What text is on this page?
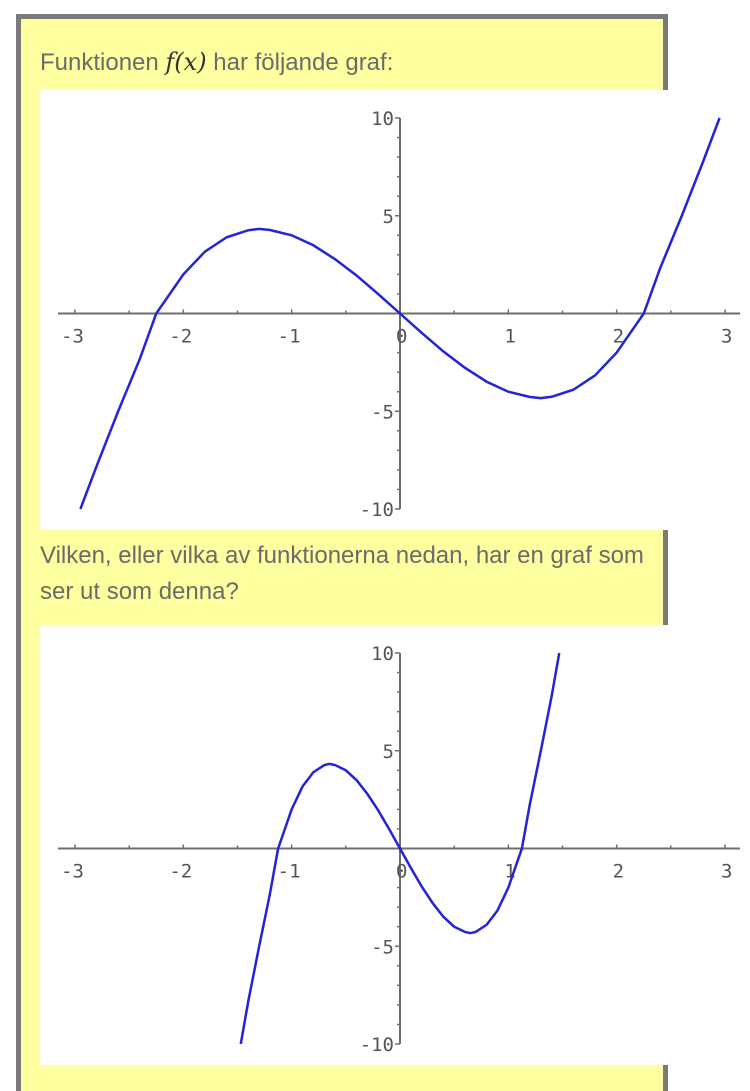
Funktionen f(x) har följande graf:
-3	-2	-1	0	1	2	3
10
5
-5
-10
Vilken, eller vilka av funktionerna nedan, har en graf som ser ut som denna?
-3	-2	-1	0	1	2	3
10
5
-5
-10
